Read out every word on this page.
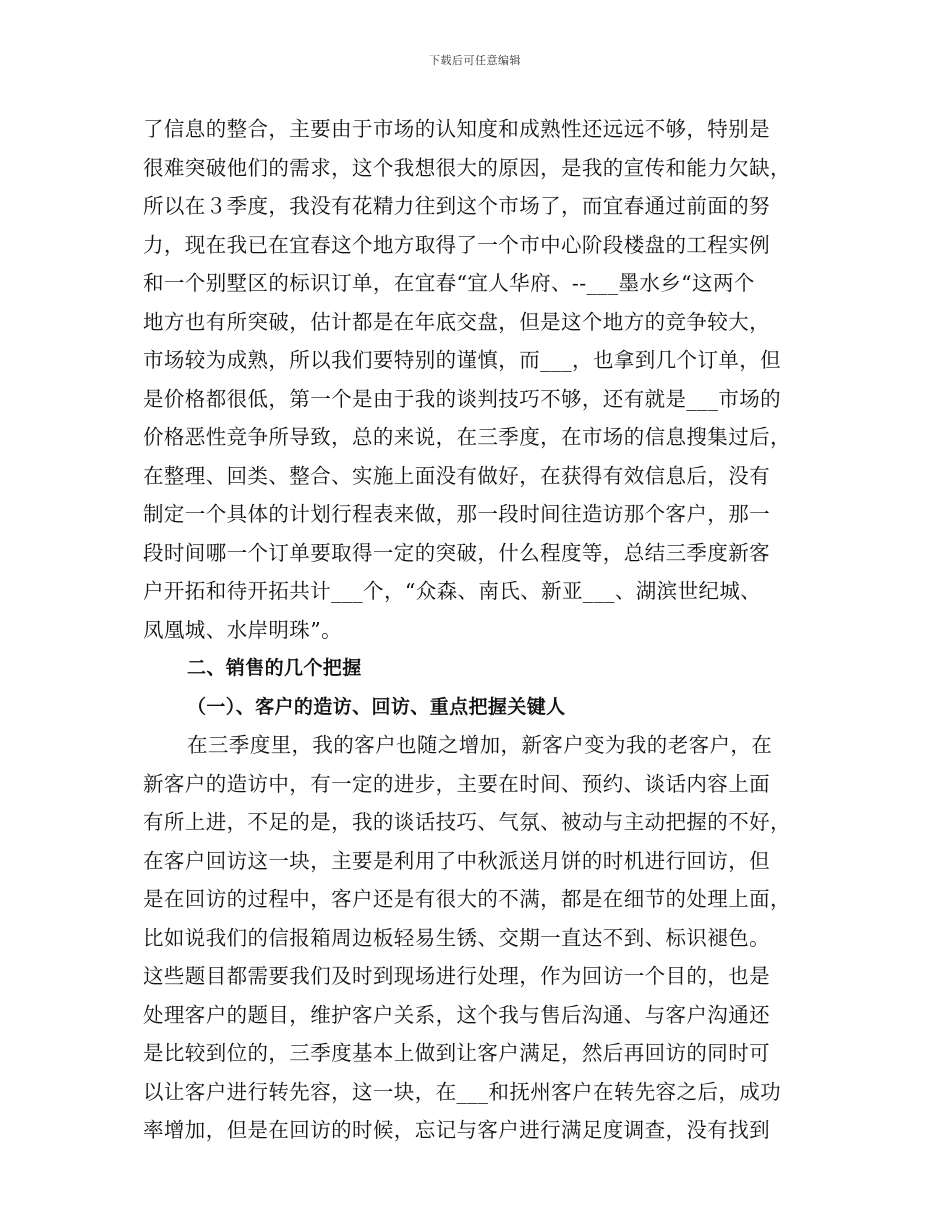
下载后可任意编辑
了信息的整合，主要由于市场的认知度和成熟性还远远不够，特别是
很难突破他们的需求，这个我想很大的原因，是我的宣传和能力欠缺，
所以在３季度，我没有花精力往到这个市场了，而宜春通过前面的努
力，现在我已在宜春这个地方取得了一个市中心阶段楼盘的工程实例
和一个别墅区的标识订单，在宜春“宜人华府、--___墨水乡“这两个
地方也有所突破，估计都是在年底交盘，但是这个地方的竞争较大，
市场较为成熟，所以我们要特别的谨慎，而___，也拿到几个订单，但
是价格都很低，第一个是由于我的谈判技巧不够，还有就是___市场的
价格恶性竞争所导致，总的来说，在三季度，在市场的信息搜集过后，
在整理、回类、整合、实施上面没有做好，在获得有效信息后，没有
制定一个具体的计划行程表来做，那一段时间往造访那个客户，那一
段时间哪一个订单要取得一定的突破，什么程度等，总结三季度新客
户开拓和待开拓共计___个，“众森、南氏、新亚___、湖滨世纪城、
凤凰城、水岸明珠”。
二、销售的几个把握
（一）、客户的造访、回访、重点把握关键人
在三季度里，我的客户也随之增加，新客户变为我的老客户，在
新客户的造访中，有一定的进步，主要在时间、预约、谈话内容上面
有所上进，不足的是，我的谈话技巧、气氛、被动与主动把握的不好，
在客户回访这一块，主要是利用了中秋派送月饼的时机进行回访，但
是在回访的过程中，客户还是有很大的不满，都是在细节的处理上面，
比如说我们的信报箱周边板轻易生锈、交期一直达不到、标识褪色。
这些题目都需要我们及时到现场进行处理，作为回访一个目的，也是
处理客户的题目，维护客户关系，这个我与售后沟通、与客户沟通还
是比较到位的，三季度基本上做到让客户满足，然后再回访的同时可
以让客户进行转先容，这一块，在___和抚州客户在转先容之后，成功
率增加，但是在回访的时候，忘记与客户进行满足度调查，没有找到
